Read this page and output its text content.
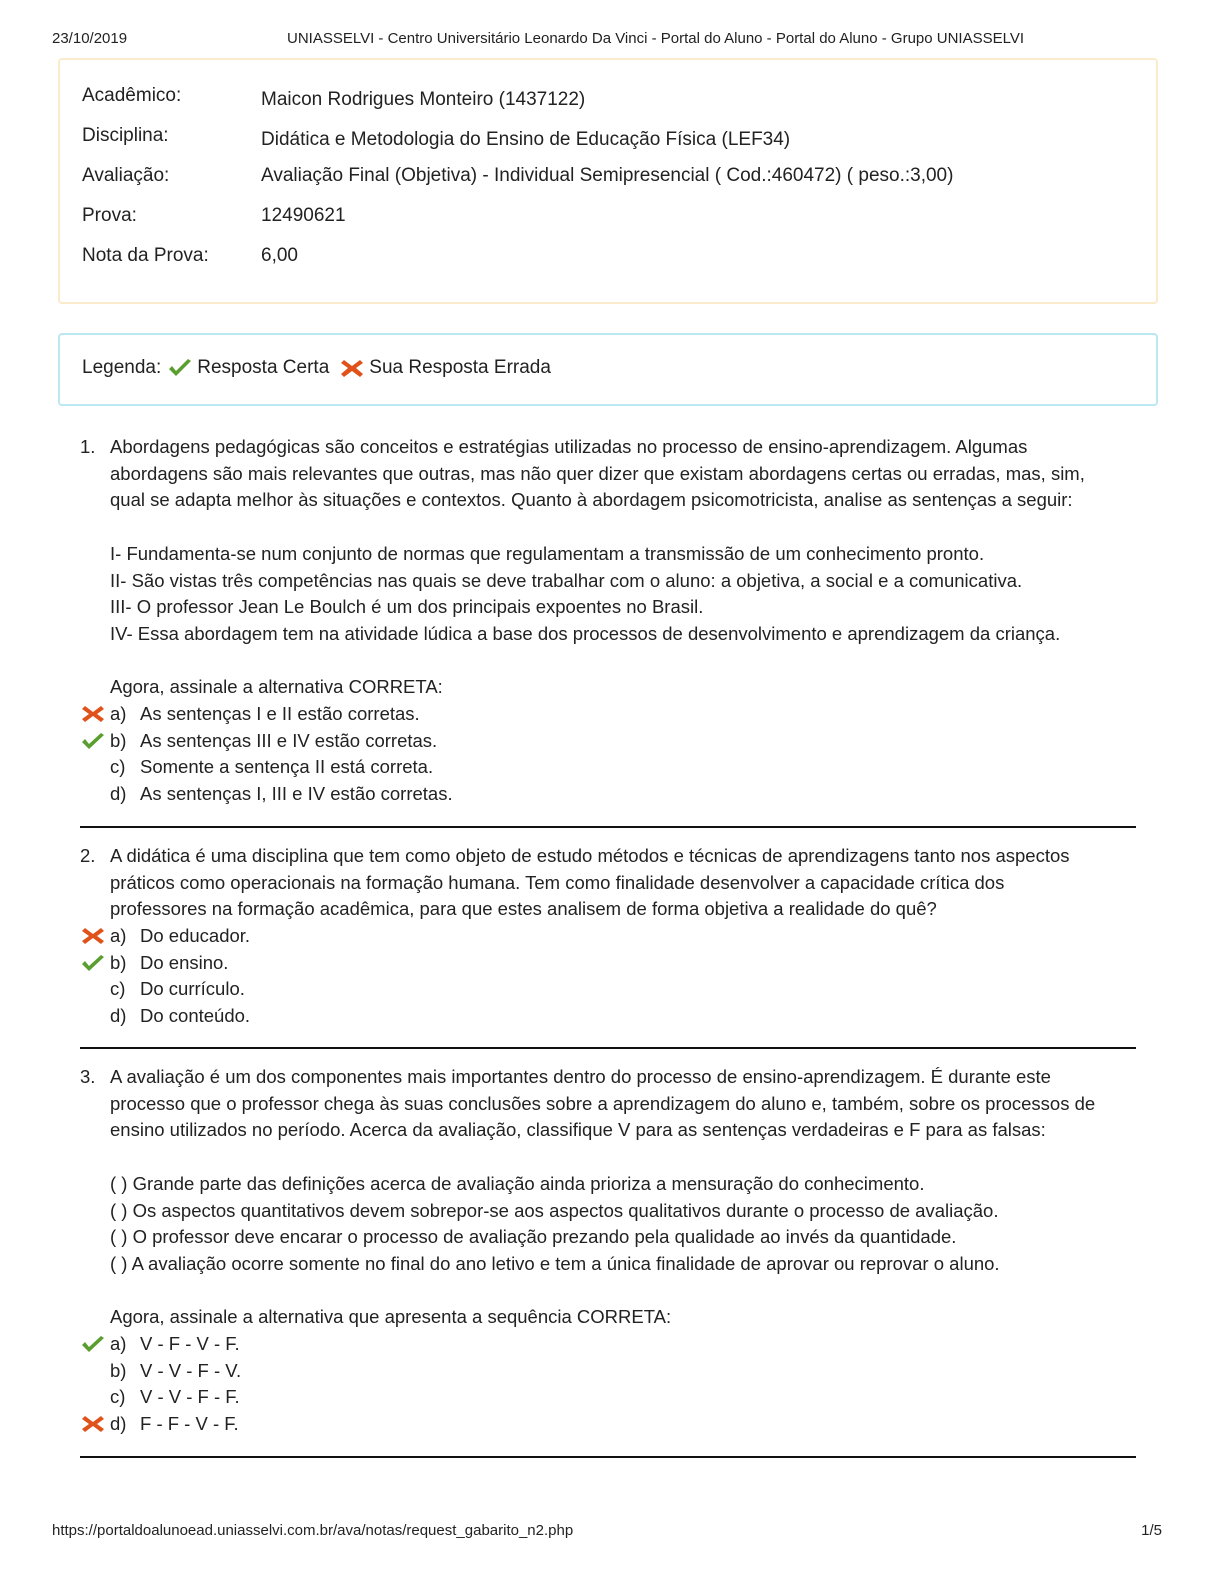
23/10/2019	UNIASSELVI - Centro Universitário Leonardo Da Vinci - Portal do Aluno - Portal do Aluno - Grupo UNIASSELVI
Acadêmico:	Maicon Rodrigues Monteiro (1437122)
Disciplina:	Didática e Metodologia do Ensino de Educação Física (LEF34)
Avaliação:	Avaliação Final (Objetiva) - Individual Semipresencial ( Cod.:460472) ( peso.:3,00)
Prova:	12490621
Nota da Prova:	6,00
Legenda: Resposta Certa Sua Resposta Errada
1. Abordagens pedagógicas são conceitos e estratégias utilizadas no processo de ensino-aprendizagem. Algumas

abordagens são mais relevantes que outras, mas não quer dizer que existam abordagens certas ou erradas, mas, sim,

qual se adapta melhor às situações e contextos. Quanto à abordagem psicomotricista, analise as sentenças a seguir:

I- Fundamenta-se num conjunto de normas que regulamentam a transmissão de um conhecimento pronto.

II- São vistas três competências nas quais se deve trabalhar com o aluno: a objetiva, a social e a comunicativa.

III- O professor Jean Le Boulch é um dos principais expoentes no Brasil.

IV- Essa abordagem tem na atividade lúdica a base dos processos de desenvolvimento e aprendizagem da criança.

Agora, assinale a alternativa CORRETA:

a) As sentenças I e II estão corretas.
b) As sentenças III e IV estão corretas.
c) Somente a sentença II está correta.
d) As sentenças I, III e IV estão corretas.
2. A didática é uma disciplina que tem como objeto de estudo métodos e técnicas de aprendizagens tanto nos aspectos

práticos como operacionais na formação humana. Tem como finalidade desenvolver a capacidade crítica dos

professores na formação acadêmica, para que estes analisem de forma objetiva a realidade do quê?

a) Do educador.
b) Do ensino.
c) Do currículo.
d) Do conteúdo.
3. A avaliação é um dos componentes mais importantes dentro do processo de ensino-aprendizagem. É durante este

processo que o professor chega às suas conclusões sobre a aprendizagem do aluno e, também, sobre os processos de

ensino utilizados no período. Acerca da avaliação, classifique V para as sentenças verdadeiras e F para as falsas:

( ) Grande parte das definições acerca de avaliação ainda prioriza a mensuração do conhecimento.

( ) Os aspectos quantitativos devem sobrepor-se aos aspectos qualitativos durante o processo de avaliação.

( ) O professor deve encarar o processo de avaliação prezando pela qualidade ao invés da quantidade.

( ) A avaliação ocorre somente no final do ano letivo e tem a única finalidade de aprovar ou reprovar o aluno.

Agora, assinale a alternativa que apresenta a sequência CORRETA:

a) V - F - V - F.
b) V - V - F - V.
c) V - V - F - F.
d) F - F - V - F.
https://portaldoalunoead.uniasselvi.com.br/ava/notas/request_gabarito_n2.php	1/5
